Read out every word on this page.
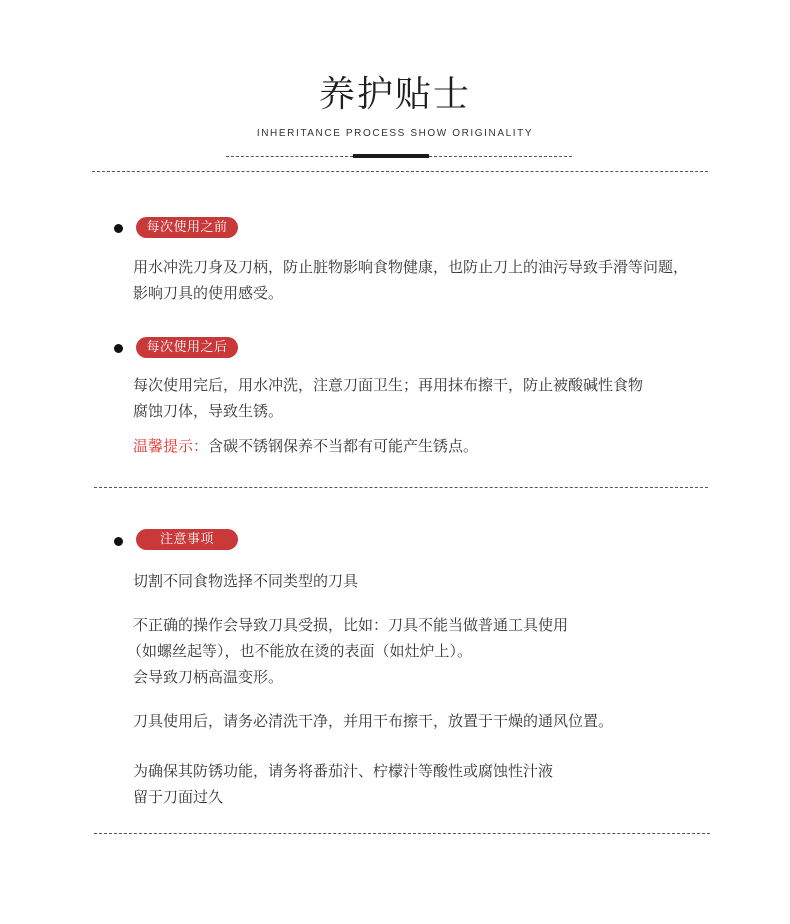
养护贴士
INHERITANCE PROCESS SHOW ORIGINALITY
每次使用之前
用水冲洗刀身及刀柄，防止脏物影响食物健康，也防止刀上的油污导致手滑等问题，
影响刀具的使用感受。
每次使用之后
每次使用完后，用水冲洗，注意刀面卫生；再用抹布擦干，防止被酸碱性食物
腐蚀刀体，导致生锈。
温馨提示：含碳不锈钢保养不当都有可能产生锈点。
注意事项
切割不同食物选择不同类型的刀具
不正确的操作会导致刀具受损，比如：刀具不能当做普通工具使用
（如螺丝起等），也不能放在烫的表面（如灶炉上）。
会导致刀柄高温变形。
刀具使用后，请务必清洗干净，并用干布擦干，放置于干燥的通风位置。
为确保其防锈功能，请务将番茄汁、柠檬汁等酸性或腐蚀性汁液
留于刀面过久
